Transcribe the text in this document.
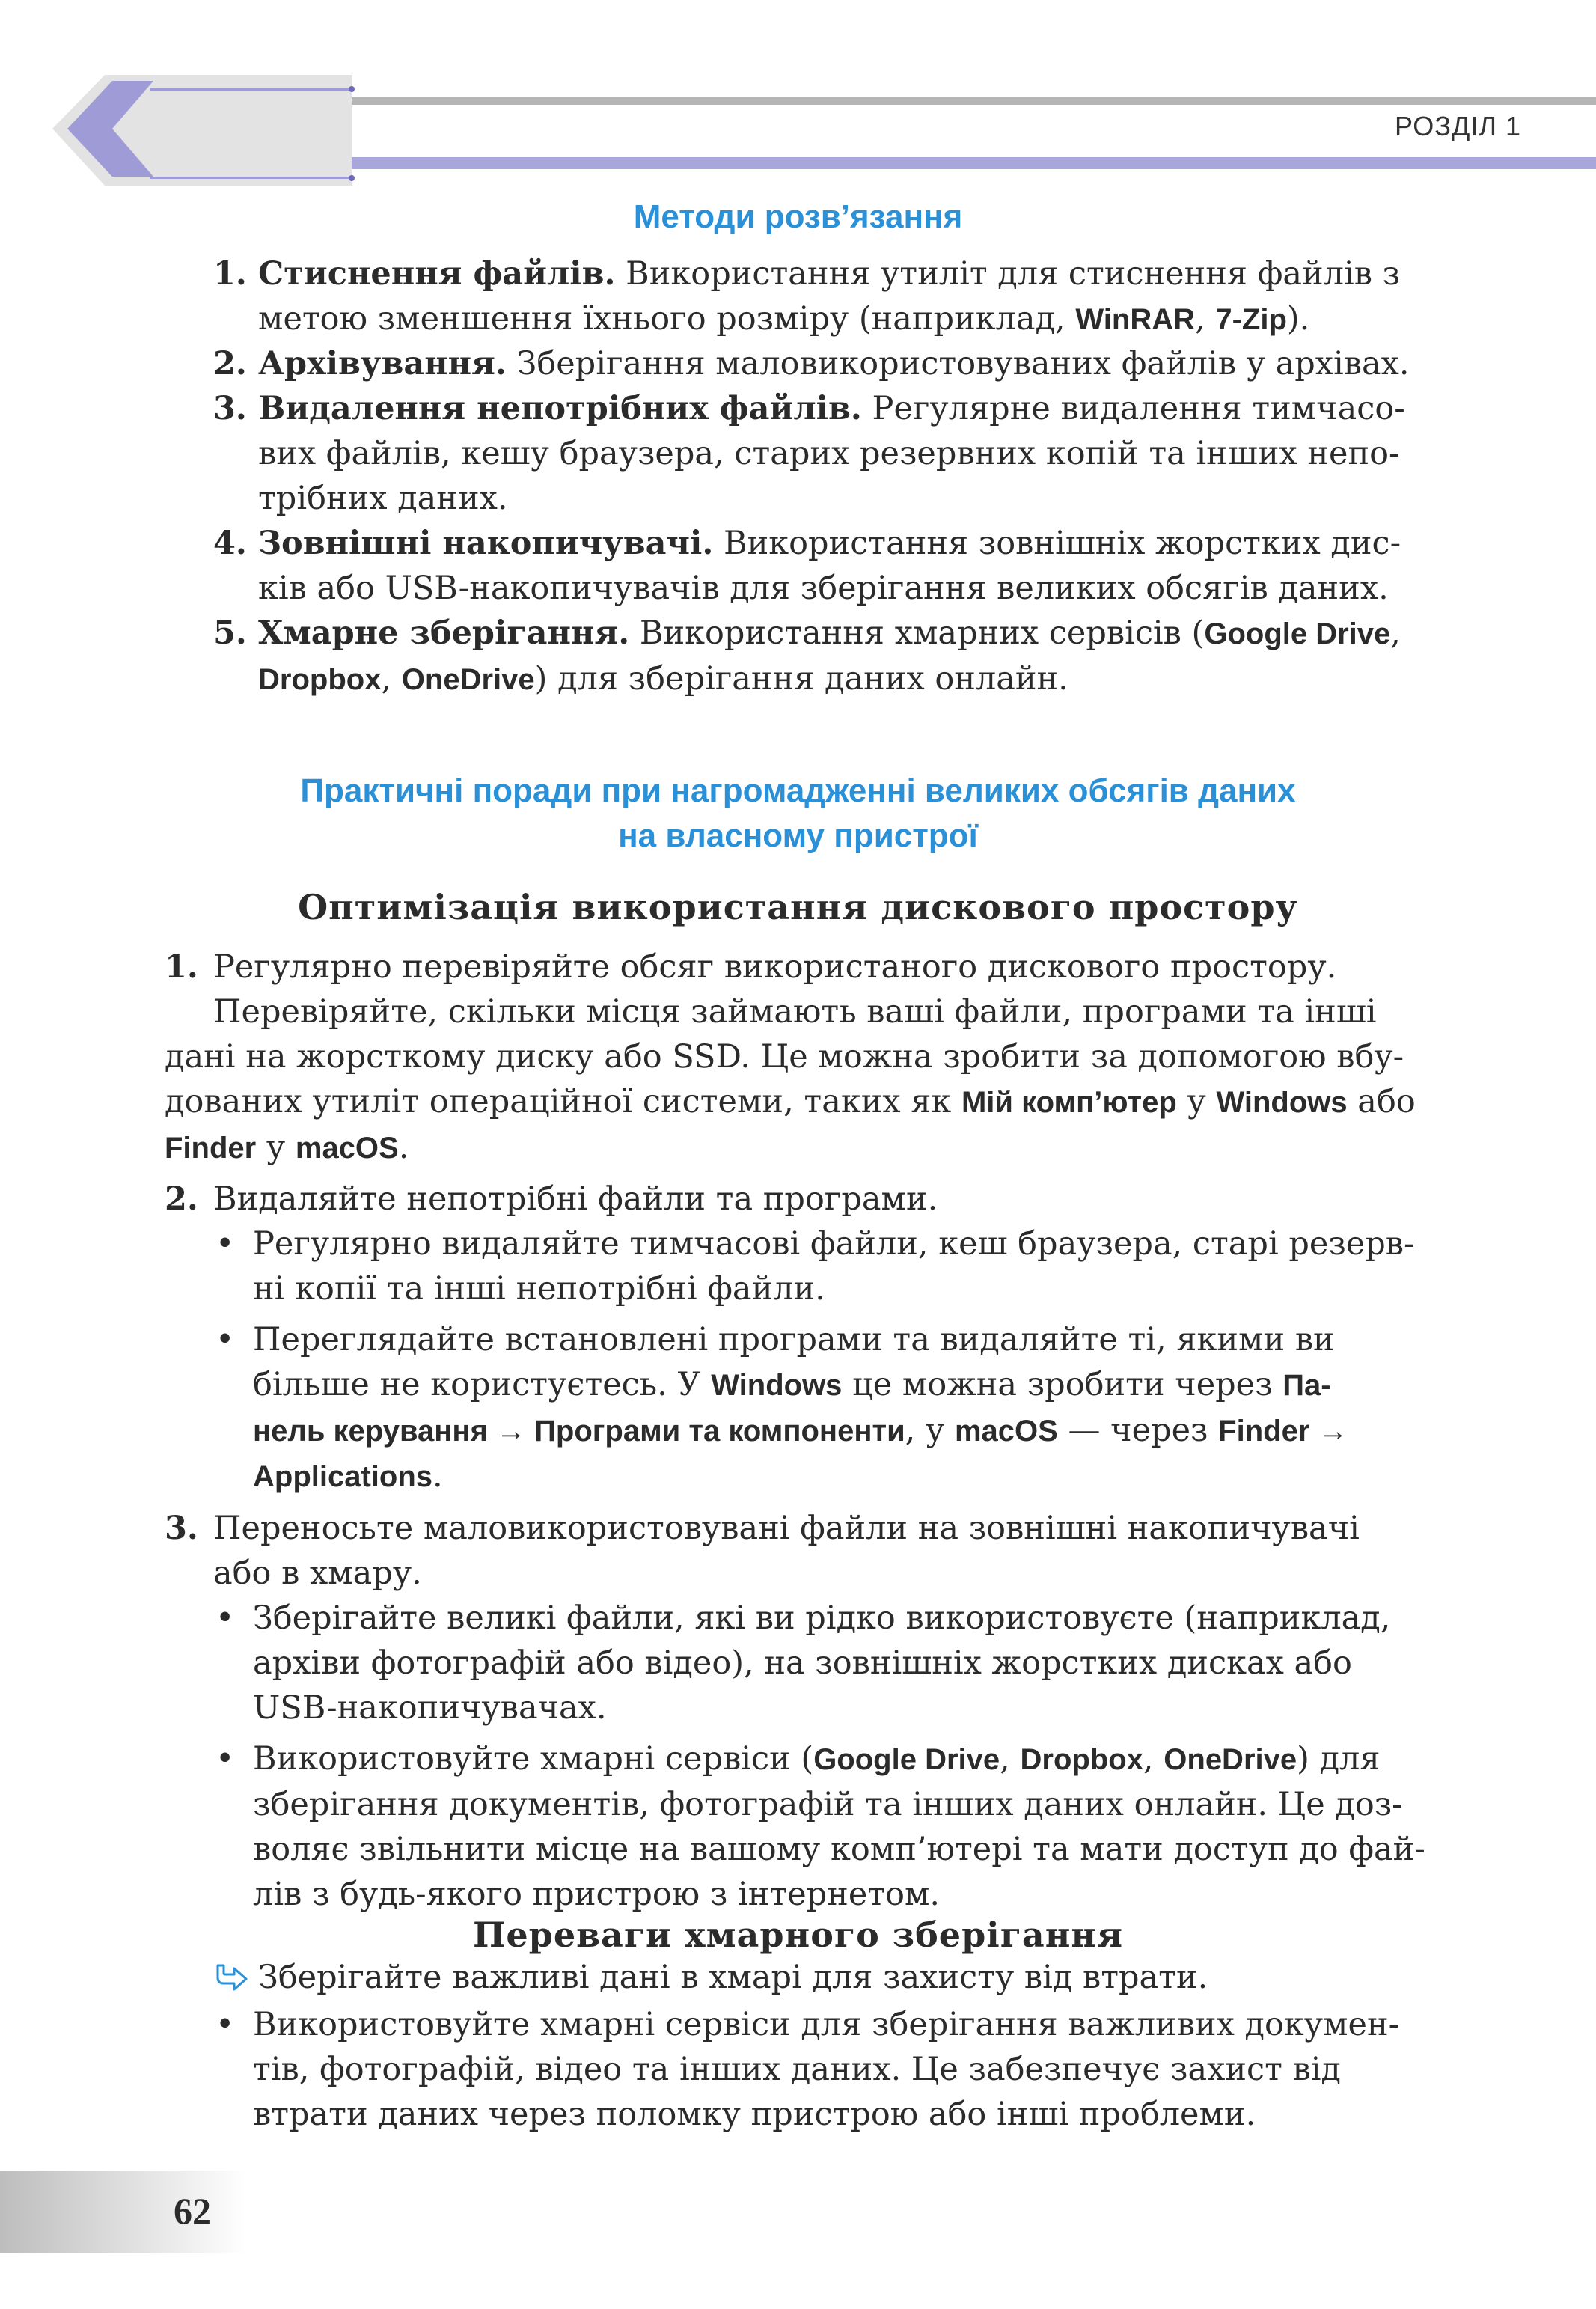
РОЗДІЛ 1
Методи розв’язання
1. Стиснення файлів. Використання утиліт для стиснення файлів з
метою зменшення їхнього розміру (наприклад, WinRAR, 7-Zip).
2. Архівування. Зберігання маловикористовуваних файлів у архівах.
3. Видалення непотрібних файлів. Регулярне видалення тимчасо-
вих файлів, кешу браузера, старих резервних копій та інших непо-
трібних даних.
4. Зовнішні накопичувачі. Використання зовнішніх жорстких дис-
ків або USB-накопичувачів для зберігання великих обсягів даних.
5. Хмарне зберігання. Використання хмарних сервісів (Google Drive,
Dropbox, OneDrive) для зберігання даних онлайн.
Практичні поради при нагромадженні великих обсягів даних
на власному пристрої
Оптимізація використання дискового простору
1. Регулярно перевіряйте обсяг використаного дискового простору.
Перевіряйте, скільки місця займають ваші файли, програми та інші
дані на жорсткому диску або SSD. Це можна зробити за допомогою вбу-
дованих утиліт операційної системи, таких як Мій комп’ютер у Windows або
Finder у macOS.
2. Видаляйте непотрібні файли та програми.
• Регулярно видаляйте тимчасові файли, кеш браузера, старі резерв-
ні копії та інші непотрібні файли.
• Переглядайте встановлені програми та видаляйте ті, якими ви
більше не користуєтесь. У Windows це можна зробити через Па-
нель керування → Програми та компоненти, у macOS — через Finder →
Applications.
3. Переносьте маловикористовувані файли на зовнішні накопичувачі
або в хмару.
• Зберігайте великі файли, які ви рідко використовуєте (наприклад,
архіви фотографій або відео), на зовнішніх жорстких дисках або
USB-накопичувачах.
• Використовуйте хмарні сервіси (Google Drive, Dropbox, OneDrive) для
зберігання документів, фотографій та інших даних онлайн. Це доз-
воляє звільнити місце на вашому комп’ютері та мати доступ до фай-
лів з будь-якого пристрою з інтернетом.
Переваги хмарного зберігання
Зберігайте важливі дані в хмарі для захисту від втрати.
• Використовуйте хмарні сервіси для зберігання важливих докумен-
тів, фотографій, відео та інших даних. Це забезпечує захист від
втрати даних через поломку пристрою або інші проблеми.
62
